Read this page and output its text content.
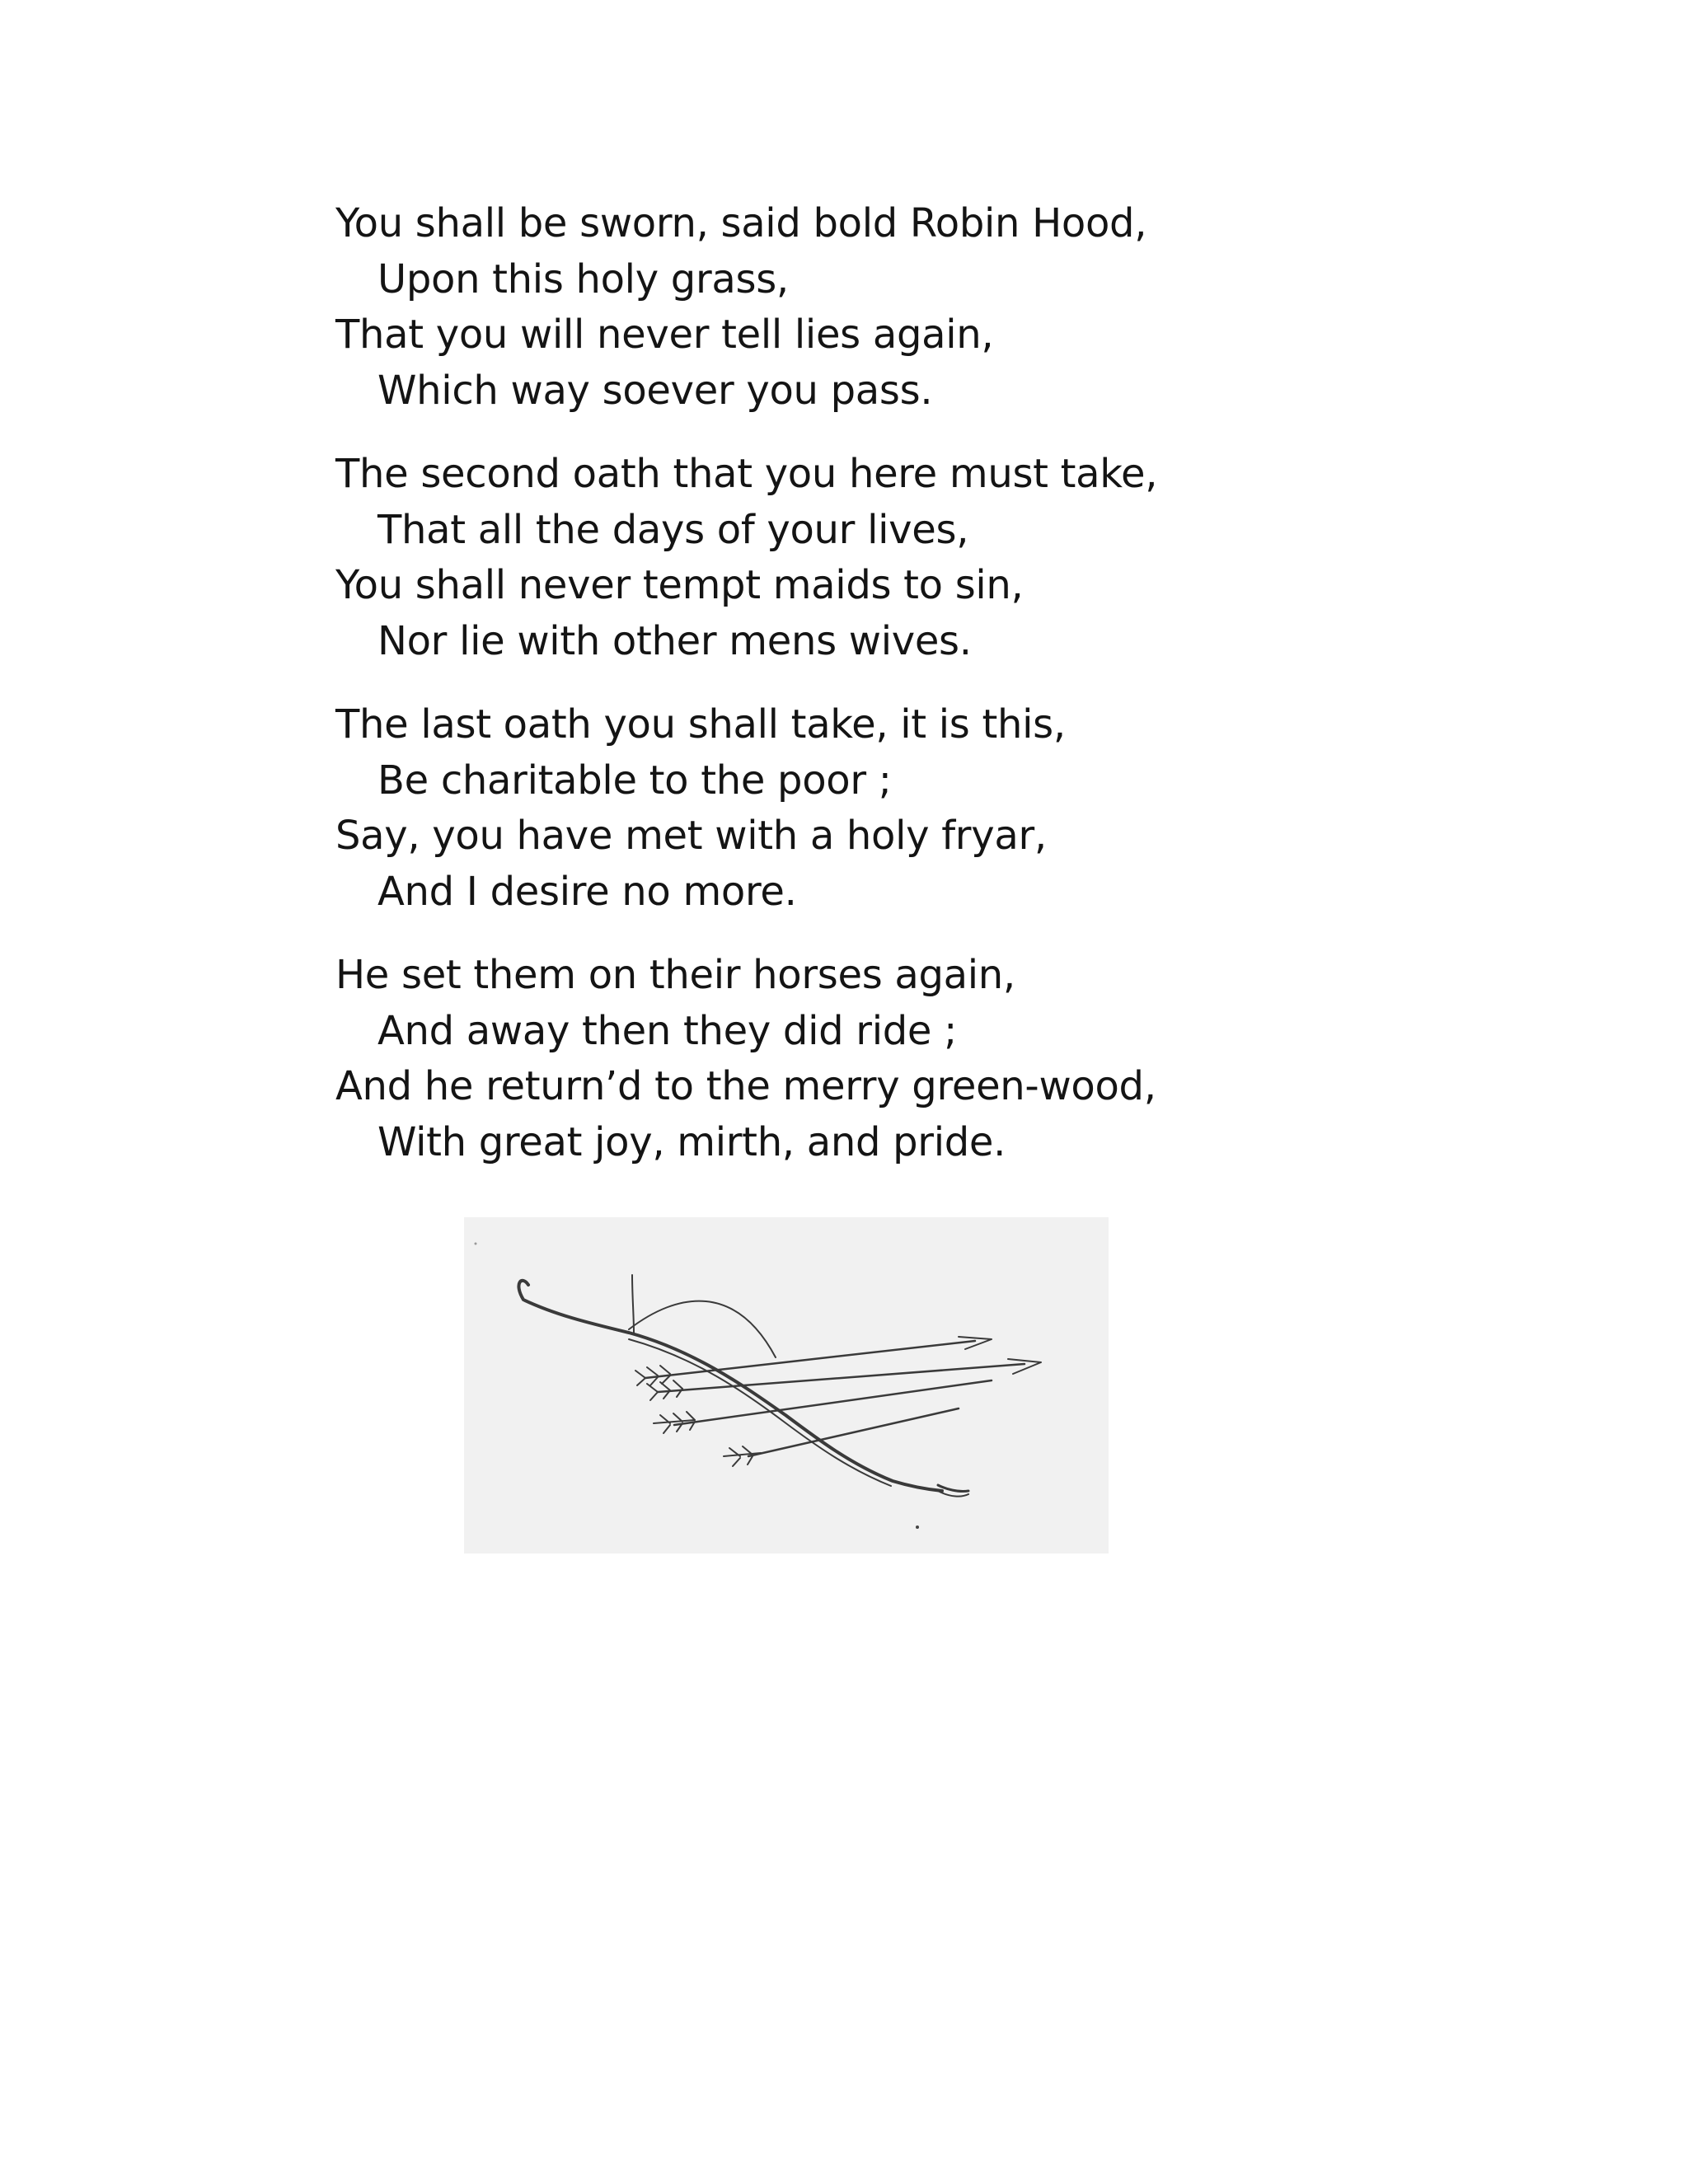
You shall be sworn, said bold Robin Hood,
Upon this holy grass,
That you will never tell lies again,
Which way soever you pass.
The second oath that you here must take,
That all the days of your lives,
You shall never tempt maids to sin,
Nor lie with other mens wives.
The last oath you shall take, it is this,
Be charitable to the poor ;
Say, you have met with a holy fryar,
And I desire no more.
He set them on their horses again,
And away then they did ride ;
And he return’d to the merry green-wood,
With great joy, mirth, and pride.
